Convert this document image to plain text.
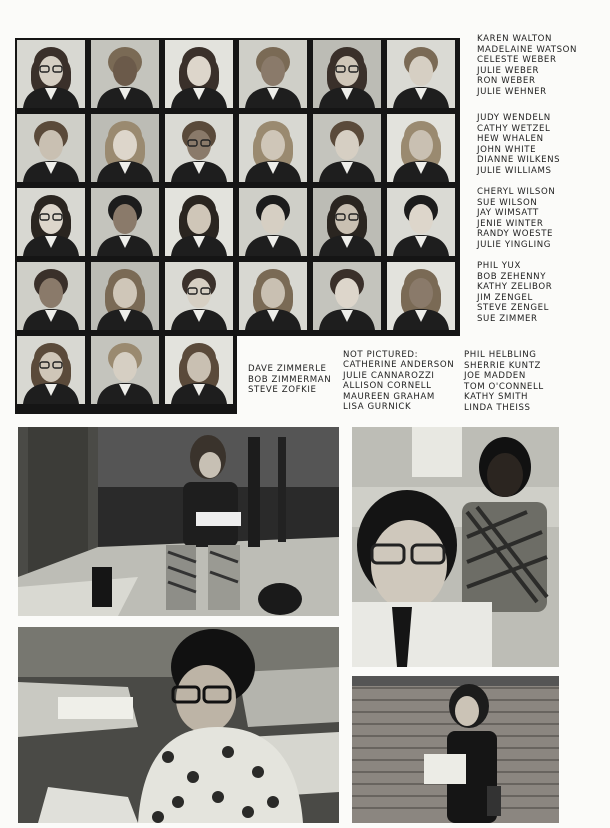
KAREN WALTON
MADELAINE WATSON
CELESTE WEBER
JULIE WEBER
RON WEBER
JULIE WEHNER
JUDY WENDELN
CATHY WETZEL
HEW WHALEN
JOHN WHITE
DIANNE WILKENS
JULIE WILLIAMS
CHERYL WILSON
SUE WILSON
JAY WIMSATT
JENIE WINTER
RANDY WOESTE
JULIE YINGLING
PHIL YUX
BOB ZEHENNY
KATHY ZELIBOR
JIM ZENGEL
STEVE ZENGEL
SUE ZIMMER
DAVE ZIMMERLE
BOB ZIMMERMAN
STEVE ZOFKIE
NOT PICTURED:
CATHERINE ANDERSON
JULIE CANNAROZZI
ALLISON CORNELL
MAUREEN GRAHAM
LISA GURNICK
PHIL HELBLING
SHERRIE KUNTZ
JOE MADDEN
TOM O'CONNELL
KATHY SMITH
LINDA THEISS
